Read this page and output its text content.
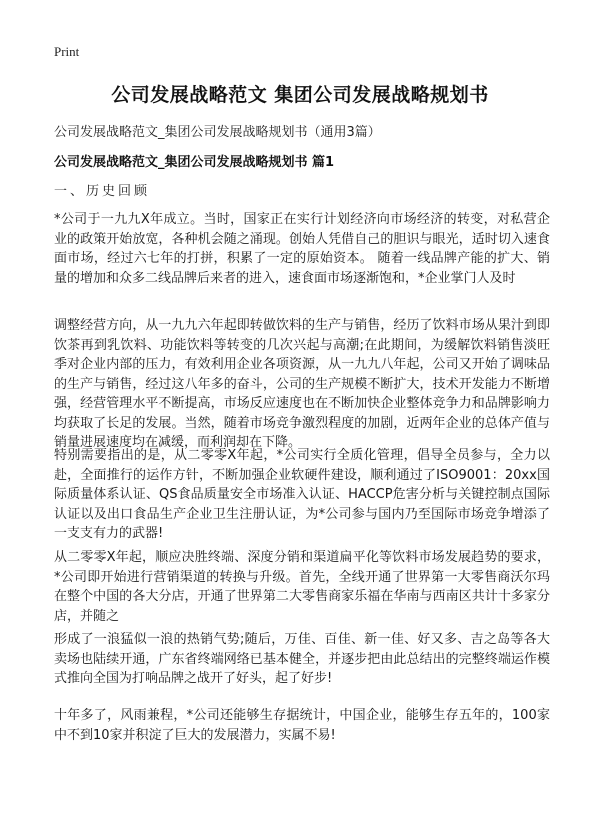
Print
公司发展战略范文 集团公司发展战略规划书
公司发展战略范文_集团公司发展战略规划书（通用3篇）
公司发展战略范文_集团公司发展战略规划书 篇1
一、历史回顾

*公司于一九九X年成立。当时，国家正在实行计划经济向市场经济的转变，对私营企业的政策开始放宽，各种机会随之涌现。创始人凭借自己的胆识与眼光，适时切入速食面市场，经过六七年的打拼，积累了一定的原始资本。 随着一线品牌产能的扩大、销量的增加和众多二线品牌后来者的进入，速食面市场逐渐饱和，*企业掌门人及时

调整经营方向，从一九九六年起即转做饮料的生产与销售，经历了饮料市场从果汁到即饮茶再到乳饮料、功能饮料等转变的几次兴起与高潮;在此期间，为缓解饮料销售淡旺季对企业内部的压力，有效利用企业各项资源，从一九九八年起，公司又开始了调味品的生产与销售，经过这八年多的奋斗，公司的生产规模不断扩大，技术开发能力不断增强，经营管理水平不断提高，市场反应速度也在不断加快企业整体竞争力和品牌影响力均获取了长足的发展。当然，随着市场竞争激烈程度的加剧，近两年企业的总体产值与销量进展速度均在减缓，而利润却在下降。

特别需要指出的是，从二零零X年起，*公司实行全质化管理，倡导全员参与，全力以赴，全面推行的运作方针，不断加强企业软硬件建设，顺利通过了ISO9001：20xx国际质量体系认证、QS食品质量安全市场准入认证、HACCP危害分析与关键控制点国际认证以及出口食品生产企业卫生注册认证，为*公司参与国内乃至国际市场竞争增添了一支支有力的武器!

从二零零X年起，顺应决胜终端、深度分销和渠道扁平化等饮料市场发展趋势的要求，*公司即开始进行营销渠道的转换与升级。首先，全线开通了世界第一大零售商沃尔玛在整个中国的各大分店，开通了世界第二大零售商家乐福在华南与西南区共计十多家分店，并随之

形成了一浪猛似一浪的热销气势;随后，万佳、百佳、新一佳、好又多、吉之岛等各大卖场也陆续开通，广东省终端网络已基本健全，并逐步把由此总结出的完整终端运作模式推向全国为打响品牌之战开了好头，起了好步!

十年多了，风雨兼程，*公司还能够生存据统计，中国企业，能够生存五年的，100家中不到10家并积淀了巨大的发展潜力，实属不易!
